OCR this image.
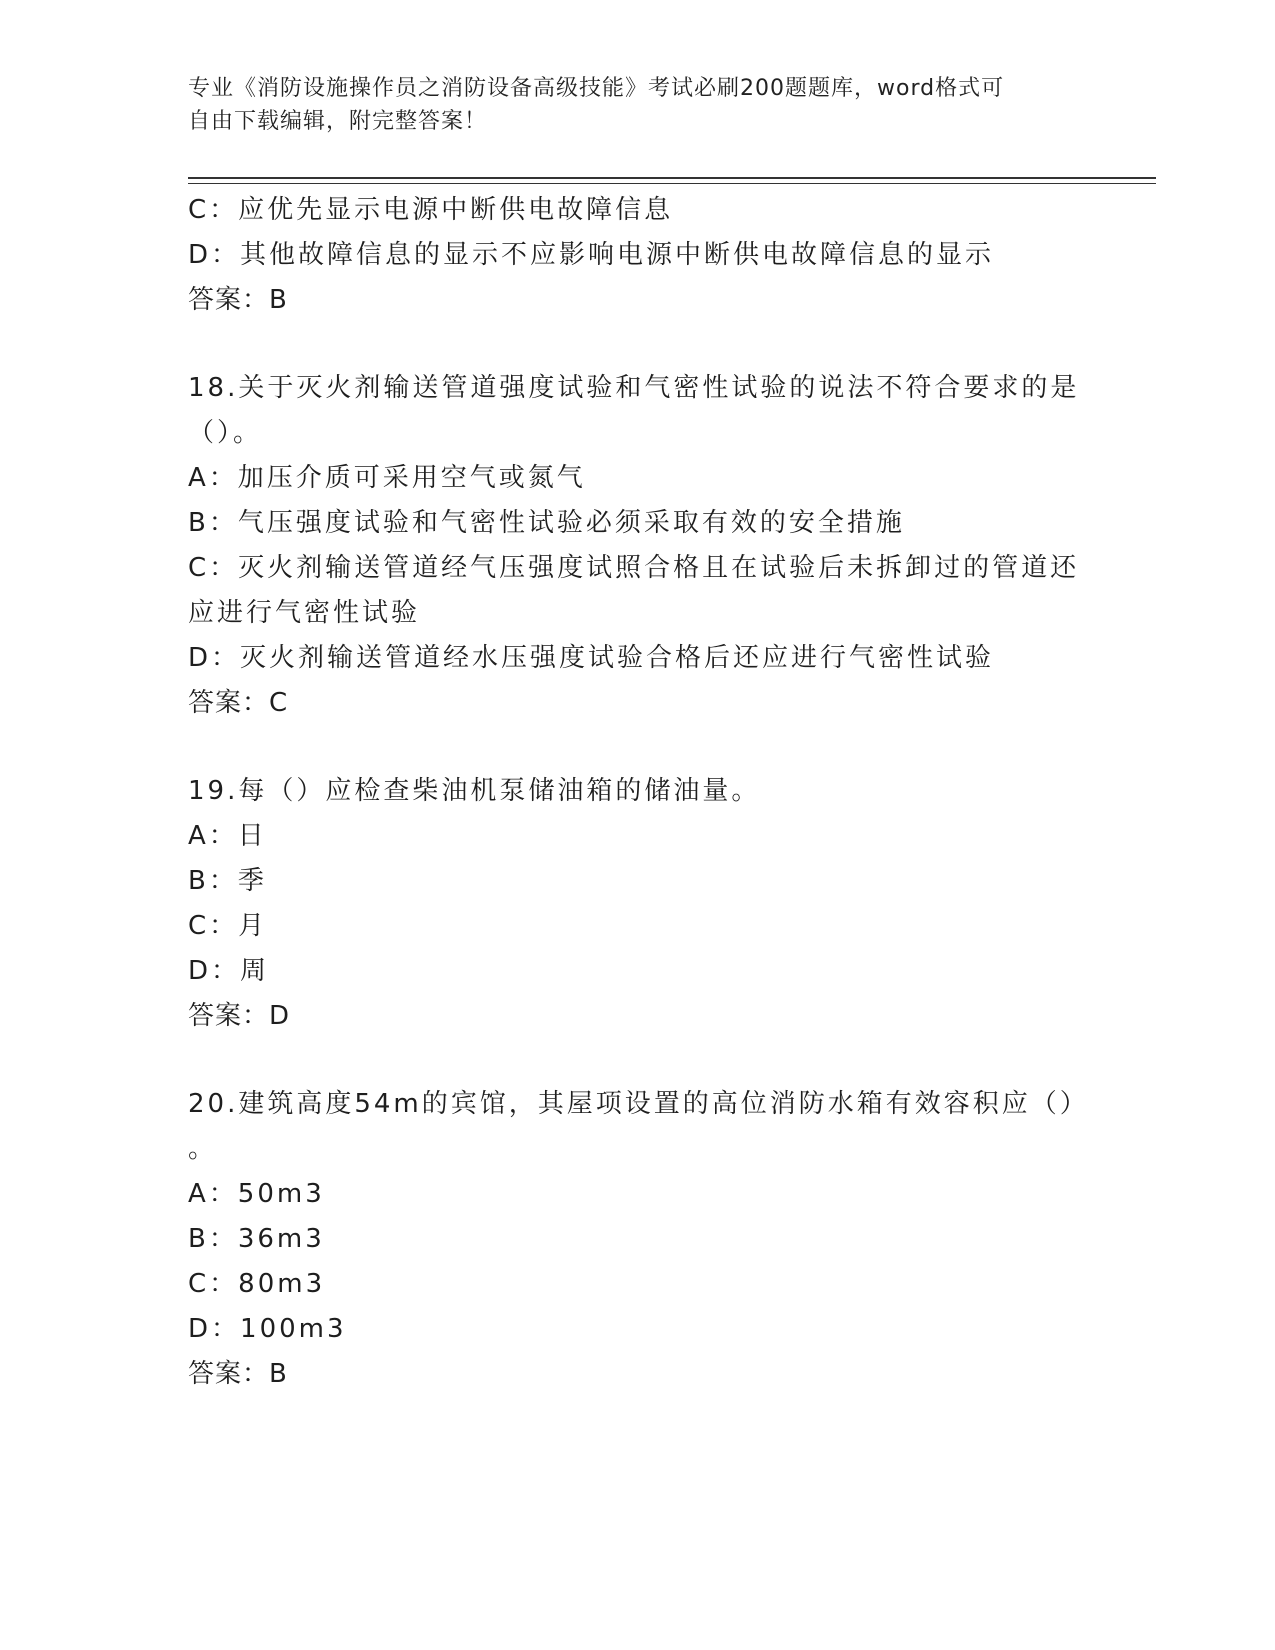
专业《消防设施操作员之消防设备高级技能》考试必刷200题题库，word格式可
自由下载编辑，附完整答案！
C：应优先显示电源中断供电故障信息
D：其他故障信息的显示不应影响电源中断供电故障信息的显示
答案：B
18.关于灭火剂输送管道强度试验和气密性试验的说法不符合要求的是
（）。
A：加压介质可采用空气或氮气
B：气压强度试验和气密性试验必须采取有效的安全措施
C：灭火剂输送管道经气压强度试照合格且在试验后未拆卸过的管道还
应进行气密性试验
D：灭火剂输送管道经水压强度试验合格后还应进行气密性试验
答案：C
19.每（）应检查柴油机泵储油箱的储油量。
A：日
B：季
C：月
D：周
答案：D
20.建筑高度54m的宾馆，其屋项设置的高位消防水箱有效容积应（）
。
A：50m3
B：36m3
C：80m3
D：100m3
答案：B
